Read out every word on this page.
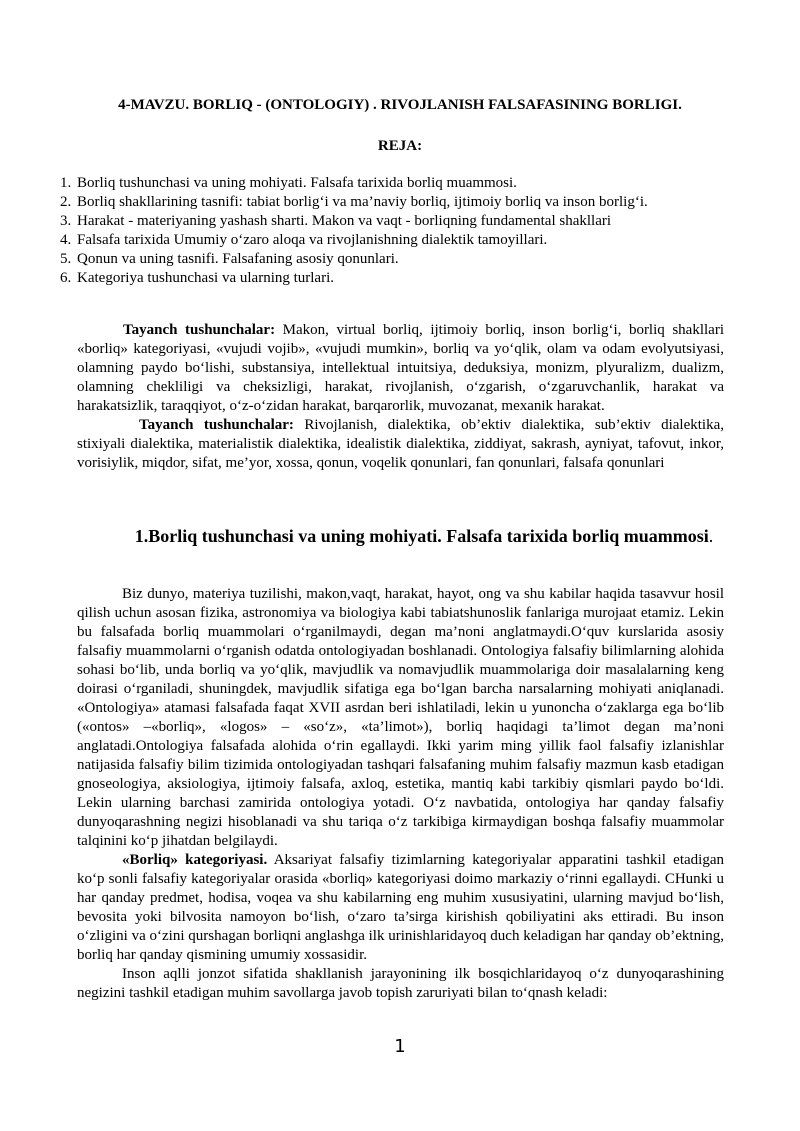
4-MAVZU. BORLIQ - (ONTOLOGIY) . RIVOJLANISH FALSAFASINING BORLIGI.
REJA:
1. Borliq tushunchasi va uning mohiyati. Falsafa tarixida borliq muammosi.
2. Borliq shakllarining tasnifi: tabiat borlig‘i va ma’naviy borliq, ijtimoiy borliq va inson borlig‘i.
3. Harakat - materiyaning yashash sharti. Makon va vaqt - borliqning fundamental shakllari
4. Falsafa tarixida Umumiy o‘zaro aloqa va rivojlanishning dialektik tamoyillari.
5. Qonun va uning tasnifi. Falsafaning asosiy qonunlari.
6. Kategoriya tushunchasi va ularning turlari.

Tayanch tushunchalar: Makon, virtual borliq, ijtimoiy borliq, inson borlig‘i, borliq shakllari «borliq» kategoriyasi, «vujudi vojib», «vujudi mumkin», borliq va yo‘qlik, olam va odam evolyutsiyasi, olamning paydo bo‘lishi, substansiya, intellektual intuitsiya, deduksiya, monizm, plyuralizm, dualizm, olamning chekliligi va cheksizligi, harakat, rivojlanish, o‘zgarish, o‘zgaruvchanlik, harakat va harakatsizlik, taraqqiyot, o‘z-o‘zidan harakat, barqarorlik, muvozanat, mexanik harakat.

Tayanch tushunchalar: Rivojlanish, dialektika, ob’ektiv dialektika, sub’ektiv dialektika, stixiyali dialektika, materialistik dialektika, idealistik dialektika, ziddiyat, sakrash, ayniyat, tafovut, inkor, vorisiylik, miqdor, sifat, me’yor, xossa, qonun, voqelik qonunlari, fan qonunlari, falsafa qonunlari

1.Borliq tushunchasi va uning mohiyati. Falsafa tarixida borliq muammosi.

Biz dunyo, materiya tuzilishi, makon,vaqt, harakat, hayot, ong va shu kabilar haqida tasavvur hosil qilish uchun asosan fizika, astronomiya va biologiya kabi tabiatshunoslik fanlariga murojaat etamiz. Lekin bu falsafada borliq muammolari o‘rganilmaydi, degan ma’noni anglatmaydi.O‘quv kurslarida asosiy falsafiy muammolarni o‘rganish odatda ontologiyadan boshlanadi. Ontologiya falsafiy bilimlarning alohida sohasi bo‘lib, unda borliq va yo‘qlik, mavjudlik va nomavjudlik muammolariga doir masalalarning keng doirasi o‘rganiladi, shuningdek, mavjudlik sifatiga ega bo‘lgan barcha narsalarning mohiyati aniqlanadi. «Ontologiya» atamasi falsafada faqat XVII asrdan beri ishlatiladi, lekin u yunoncha o‘zaklarga ega bo‘lib («ontos» –«borliq», «logos» – «so‘z», «ta’limot»), borliq haqidagi ta’limot degan ma’noni anglatadi.Ontologiya falsafada alohida o‘rin egallaydi. Ikki yarim ming yillik faol falsafiy izlanishlar natijasida falsafiy bilim tizimida ontologiyadan tashqari falsafaning muhim falsafiy mazmun kasb etadigan gnoseologiya, aksiologiya, ijtimoiy falsafa, axloq, estetika, mantiq kabi tarkibiy qismlari paydo bo‘ldi. Lekin ularning barchasi zamirida ontologiya yotadi. O‘z navbatida, ontologiya har qanday falsafiy dunyoqarashning negizi hisoblanadi va shu tariqa o‘z tarkibiga kirmaydigan boshqa falsafiy muammolar talqinini ko‘p jihatdan belgilaydi.

«Borliq» kategoriyasi. Aksariyat falsafiy tizimlarning kategoriyalar apparatini tashkil etadigan ko‘p sonli falsafiy kategoriyalar orasida «borliq» kategoriyasi doimo markaziy o‘rinni egallaydi. CHunki u har qanday predmet, hodisa, voqea va shu kabilarning eng muhim xususiyatini, ularning mavjud bo‘lish, bevosita yoki bilvosita namoyon bo‘lish, o‘zaro ta’sirga kirishish qobiliyatini aks ettiradi. Bu inson o‘zligini va o‘zini qurshagan borliqni anglashga ilk urinishlaridayoq duch keladigan har qanday ob’ektning, borliq har qanday qismining umumiy xossasidir.

Inson aqlli jonzot sifatida shakllanish jarayonining ilk bosqichlaridayoq o‘z dunyoqarashining negizini tashkil etadigan muhim savollarga javob topish zaruriyati bilan to‘qnash keladi:

1
